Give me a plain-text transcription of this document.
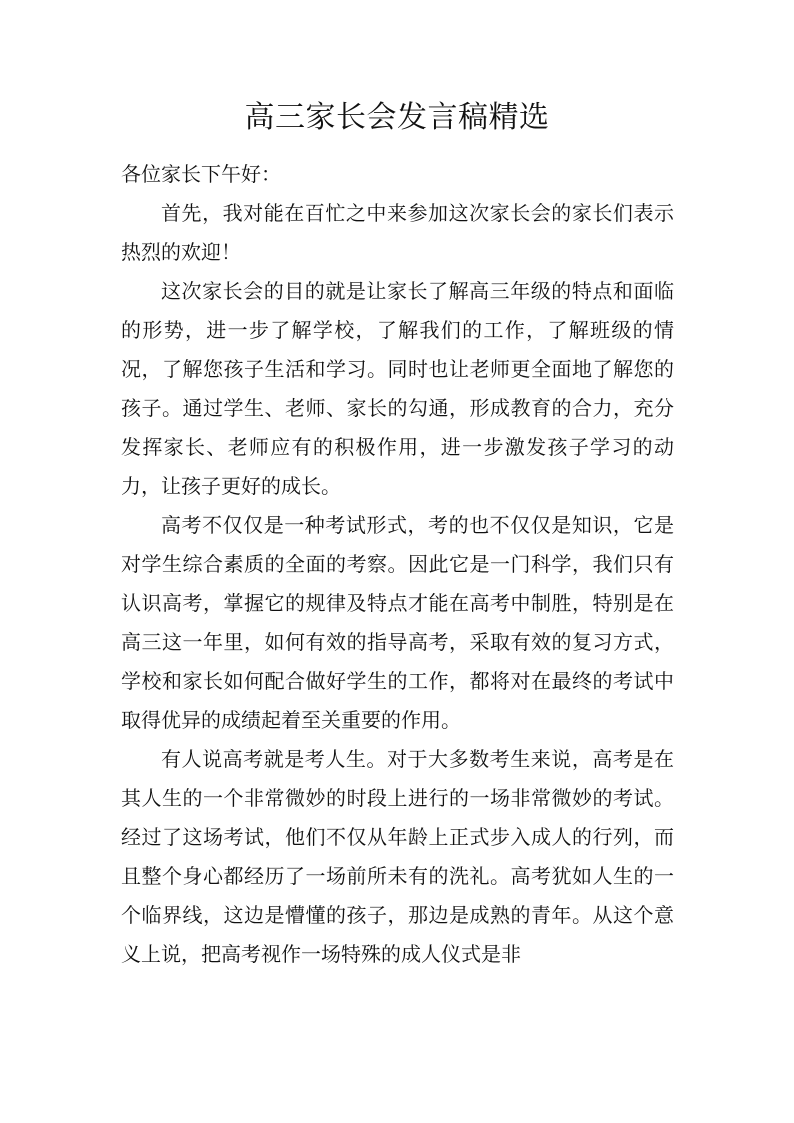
高三家长会发言稿精选

各位家长下午好：

首先，我对能在百忙之中来参加这次家长会的家长们表示热烈的欢迎！

这次家长会的目的就是让家长了解高三年级的特点和面临的形势，进一步了解学校，了解我们的工作，了解班级的情况，了解您孩子生活和学习。同时也让老师更全面地了解您的孩子。通过学生、老师、家长的勾通，形成教育的合力，充分发挥家长、老师应有的积极作用，进一步激发孩子学习的动力，让孩子更好的成长。

高考不仅仅是一种考试形式，考的也不仅仅是知识，它是对学生综合素质的全面的考察。因此它是一门科学，我们只有认识高考，掌握它的规律及特点才能在高考中制胜，特别是在高三这一年里，如何有效的指导高考，采取有效的复习方式，学校和家长如何配合做好学生的工作，都将对在最终的考试中取得优异的成绩起着至关重要的作用。

有人说高考就是考人生。对于大多数考生来说，高考是在其人生的一个非常微妙的时段上进行的一场非常微妙的考试。经过了这场考试，他们不仅从年龄上正式步入成人的行列，而且整个身心都经历了一场前所未有的洗礼。高考犹如人生的一个临界线，这边是懵懂的孩子，那边是成熟的青年。从这个意义上说，把高考视作一场特殊的成人仪式是非
